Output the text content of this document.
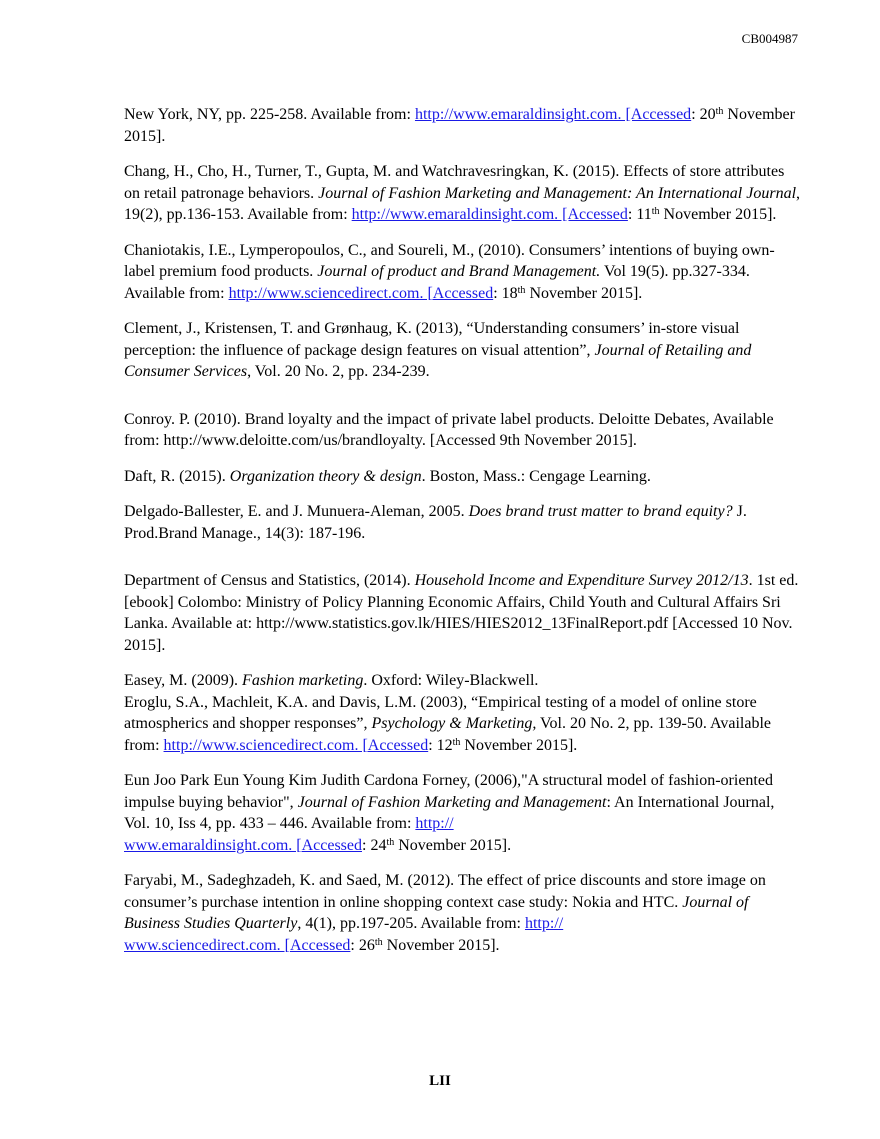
CB004987

New York, NY, pp. 225-258. Available from: http://www.emaraldinsight.com. [Accessed: 20th November 2015].

Chang, H., Cho, H., Turner, T., Gupta, M. and Watchravesringkan, K. (2015). Effects of store attributes on retail patronage behaviors. Journal of Fashion Marketing and Management: An International Journal, 19(2), pp.136-153. Available from: http://www.emaraldinsight.com. [Accessed: 11th November 2015].

Chaniotakis, I.E., Lymperopoulos, C., and Soureli, M., (2010). Consumers’ intentions of buying own-label premium food products. Journal of product and Brand Management. Vol 19(5). pp.327-334. Available from: http://www.sciencedirect.com. [Accessed: 18th November 2015].

Clement, J., Kristensen, T. and Grønhaug, K. (2013), “Understanding consumers’ in-store visual perception: the influence of package design features on visual attention”, Journal of Retailing and Consumer Services, Vol. 20 No. 2, pp. 234-239.

Conroy. P. (2010). Brand loyalty and the impact of private label products. Deloitte Debates, Available from: http://www.deloitte.com/us/brandloyalty. [Accessed 9th November 2015].

Daft, R. (2015). Organization theory & design. Boston, Mass.: Cengage Learning.

Delgado-Ballester, E. and J. Munuera-Aleman, 2005. Does brand trust matter to brand equity? J. Prod.Brand Manage., 14(3): 187-196.

Department of Census and Statistics, (2014). Household Income and Expenditure Survey 2012/13. 1st ed. [ebook] Colombo: Ministry of Policy Planning Economic Affairs, Child Youth and Cultural Affairs Sri Lanka. Available at: http://www.statistics.gov.lk/HIES/HIES2012_13FinalReport.pdf [Accessed 10 Nov. 2015].

Easey, M. (2009). Fashion marketing. Oxford: Wiley-Blackwell.

Eroglu, S.A., Machleit, K.A. and Davis, L.M. (2003), “Empirical testing of a model of online store atmospherics and shopper responses”, Psychology & Marketing, Vol. 20 No. 2, pp. 139-50. Available from: http://www.sciencedirect.com. [Accessed: 12th November 2015].

Eun Joo Park Eun Young Kim Judith Cardona Forney, (2006),"A structural model of fashion-oriented impulse buying behavior", Journal of Fashion Marketing and Management: An International Journal, Vol. 10, Iss 4, pp. 433 – 446. Available from: http://
www.emaraldinsight.com. [Accessed: 24th November 2015].

Faryabi, M., Sadeghzadeh, K. and Saed, M. (2012). The effect of price discounts and store image on consumer’s purchase intention in online shopping context case study: Nokia and HTC. Journal of Business Studies Quarterly, 4(1), pp.197-205. Available from: http://
www.sciencedirect.com. [Accessed: 26th November 2015].

LII
